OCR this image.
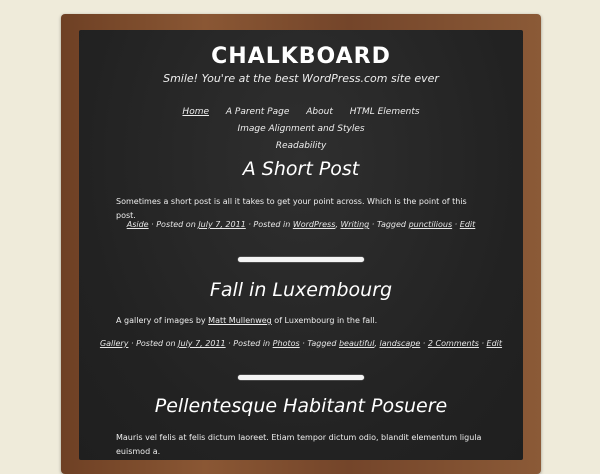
CHALKBOARD
Smile! You're at the best WordPress.com site ever
Home A Parent Page About HTML Elements Image Alignment and Styles
Readability
A Short Post
Sometimes a short post is all it takes to get your point across. Which is the point of this post.
Aside · Posted on July 7, 2011 · Posted in WordPress, Writing · Tagged punctilious · Edit
Fall in Luxembourg
A gallery of images by Matt Mullenweg of Luxembourg in the fall.
Gallery · Posted on July 7, 2011 · Posted in Photos · Tagged beautiful, landscape · 2 Comments · Edit
Pellentesque Habitant Posuere
Mauris vel felis at felis dictum laoreet. Etiam tempor dictum odio, blandit elementum ligula euismod a.
